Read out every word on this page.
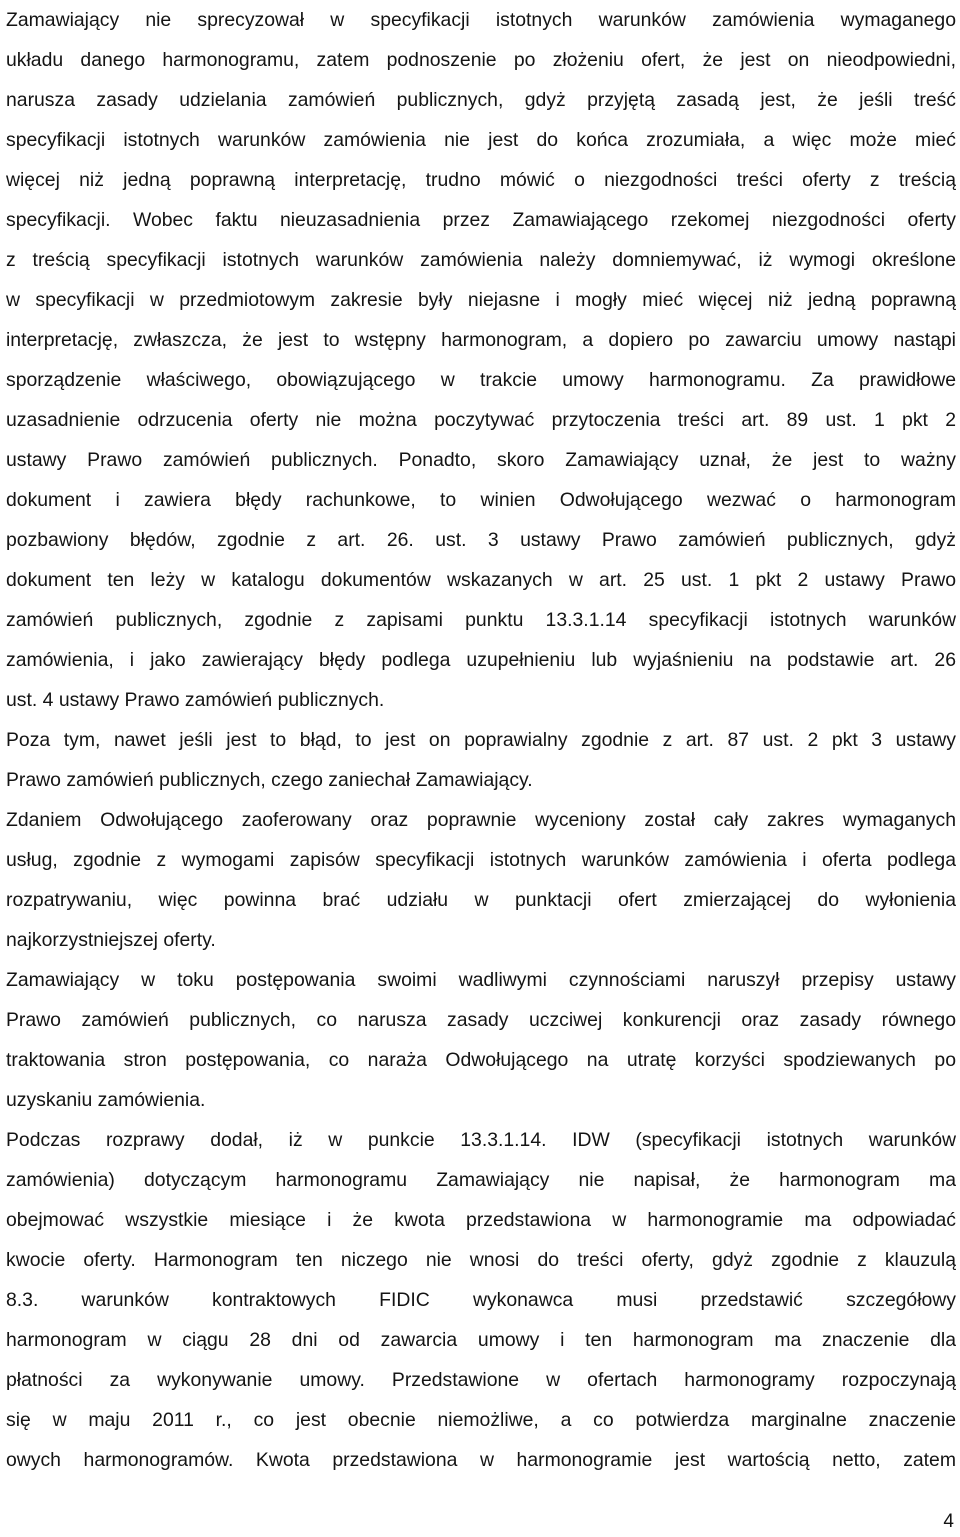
Zamawiający nie sprecyzował w specyfikacji istotnych warunków zamówienia wymaganego
układu danego harmonogramu, zatem podnoszenie po złożeniu ofert, że jest on nieodpowiedni,
narusza zasady udzielania zamówień publicznych, gdyż przyjętą zasadą jest, że jeśli treść
specyfikacji istotnych warunków zamówienia nie jest do końca zrozumiała, a więc może mieć
więcej niż jedną poprawną interpretację, trudno mówić o niezgodności treści oferty z treścią
specyfikacji. Wobec faktu nieuzasadnienia przez Zamawiającego rzekomej niezgodności oferty
z treścią specyfikacji istotnych warunków zamówienia należy domniemywać, iż wymogi określone
w specyfikacji w przedmiotowym zakresie były niejasne i mogły mieć więcej niż jedną poprawną
interpretację, zwłaszcza, że jest to wstępny harmonogram, a dopiero po zawarciu umowy nastąpi
sporządzenie właściwego, obowiązującego w trakcie umowy harmonogramu. Za prawidłowe
uzasadnienie odrzucenia oferty nie można poczytywać przytoczenia treści art. 89 ust. 1 pkt 2
ustawy Prawo zamówień publicznych. Ponadto, skoro Zamawiający uznał, że jest to ważny
dokument i zawiera błędy rachunkowe, to winien Odwołującego wezwać o harmonogram
pozbawiony błędów, zgodnie z art. 26. ust. 3 ustawy Prawo zamówień publicznych, gdyż
dokument ten leży w katalogu dokumentów wskazanych w art. 25 ust. 1 pkt 2 ustawy Prawo
zamówień publicznych, zgodnie z zapisami punktu 13.3.1.14 specyfikacji istotnych warunków
zamówienia, i jako zawierający błędy podlega uzupełnieniu lub wyjaśnieniu na podstawie art. 26
ust. 4 ustawy Prawo zamówień publicznych.
Poza tym, nawet jeśli jest to błąd, to jest on poprawialny zgodnie z art. 87 ust. 2 pkt 3 ustawy
Prawo zamówień publicznych, czego zaniechał Zamawiający.
Zdaniem Odwołującego zaoferowany oraz poprawnie wyceniony został cały zakres wymaganych
usług, zgodnie z wymogami zapisów specyfikacji istotnych warunków zamówienia i oferta podlega
rozpatrywaniu, więc powinna brać udziału w punktacji ofert zmierzającej do wyłonienia
najkorzystniejszej oferty.
Zamawiający w toku postępowania swoimi wadliwymi czynnościami naruszył przepisy ustawy
Prawo zamówień publicznych, co narusza zasady uczciwej konkurencji oraz zasady równego
traktowania stron postępowania, co naraża Odwołującego na utratę korzyści spodziewanych po
uzyskaniu zamówienia.
Podczas rozprawy dodał, iż w punkcie 13.3.1.14. IDW (specyfikacji istotnych warunków
zamówienia) dotyczącym harmonogramu Zamawiający nie napisał, że harmonogram ma
obejmować wszystkie miesiące i że kwota przedstawiona w harmonogramie ma odpowiadać
kwocie oferty. Harmonogram ten niczego nie wnosi do treści oferty, gdyż zgodnie z klauzulą
8.3. warunków kontraktowych FIDIC wykonawca musi przedstawić szczegółowy
harmonogram w ciągu 28 dni od zawarcia umowy i ten harmonogram ma znaczenie dla
płatności za wykonywanie umowy. Przedstawione w ofertach harmonogramy rozpoczynają
się w maju 2011 r., co jest obecnie niemożliwe, a co potwierdza marginalne znaczenie
owych harmonogramów. Kwota przedstawiona w harmonogramie jest wartością netto, zatem
4
